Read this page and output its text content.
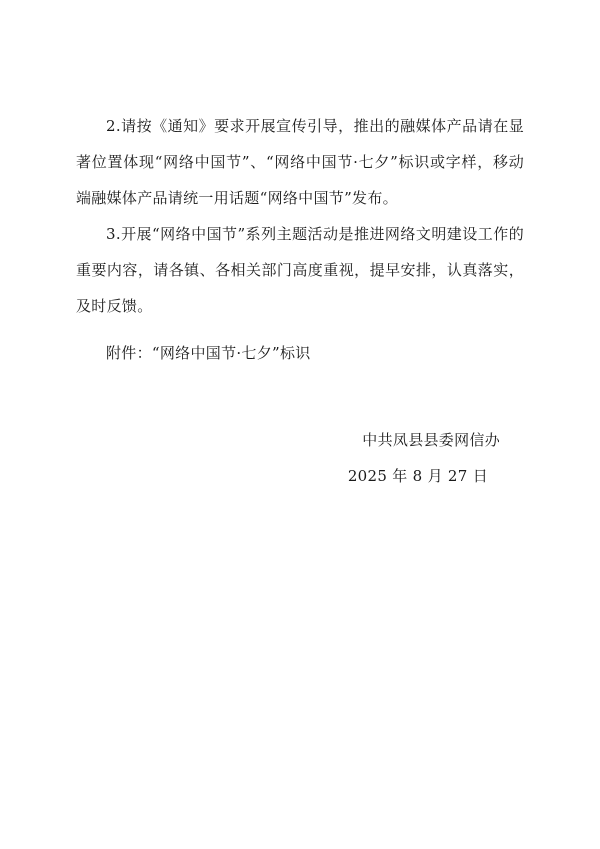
2.请按《通知》要求开展宣传引导，推出的融媒体产品请在显著位置体现“网络中国节”、“网络中国节·七夕”标识或字样，移动端融媒体产品请统一用话题“网络中国节”发布。

3.开展“网络中国节”系列主题活动是推进网络文明建设工作的重要内容，请各镇、各相关部门高度重视，提早安排，认真落实，及时反馈。

附件：“网络中国节·七夕”标识
中共凤县县委网信办
2025 年 8 月 27 日
